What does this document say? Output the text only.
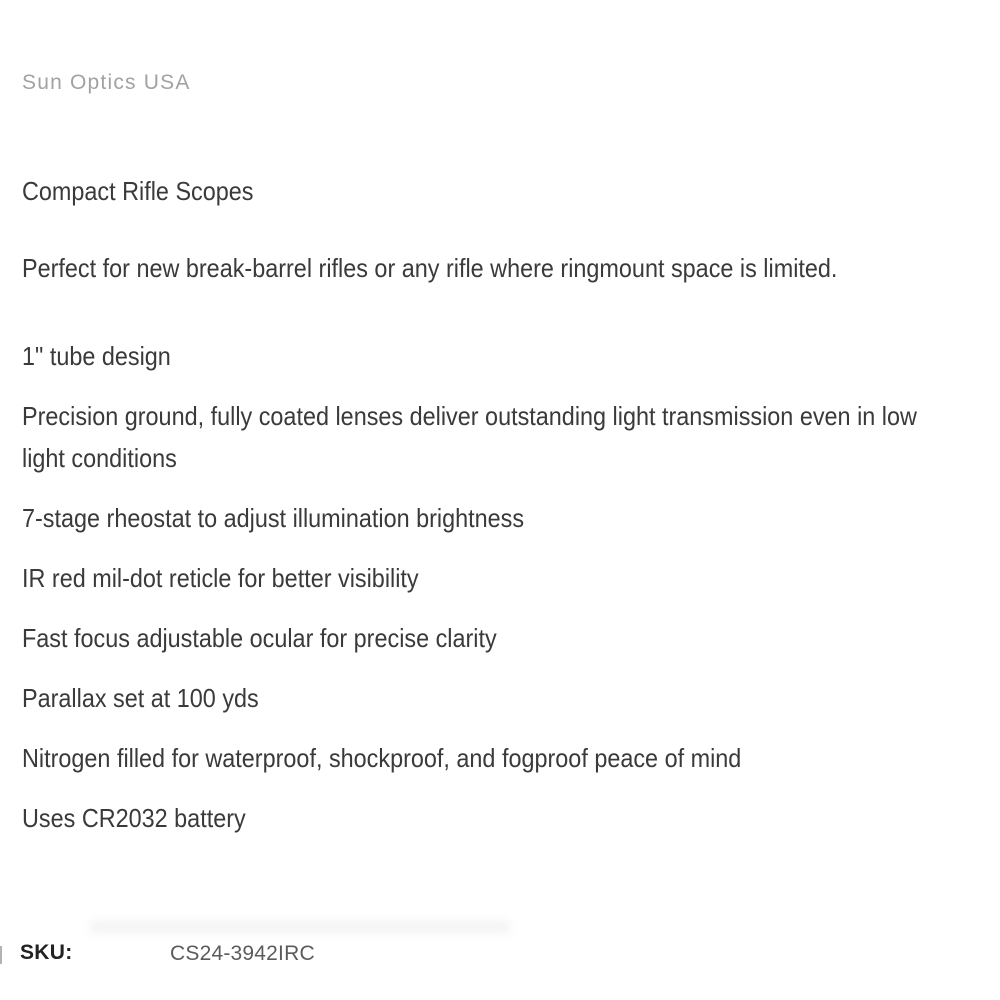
Sun Optics USA
Compact Rifle Scopes

Perfect for new break-barrel rifles or any rifle where ringmount space is limited.

1" tube design

Precision ground, fully coated lenses deliver outstanding light transmission even in low light conditions

7-stage rheostat to adjust illumination brightness

IR red mil-dot reticle for better visibility

Fast focus adjustable ocular for precise clarity

Parallax set at 100 yds

Nitrogen filled for waterproof, shockproof, and fogproof peace of mind

Uses CR2032 battery

SKU:	CS24-3942IRC
